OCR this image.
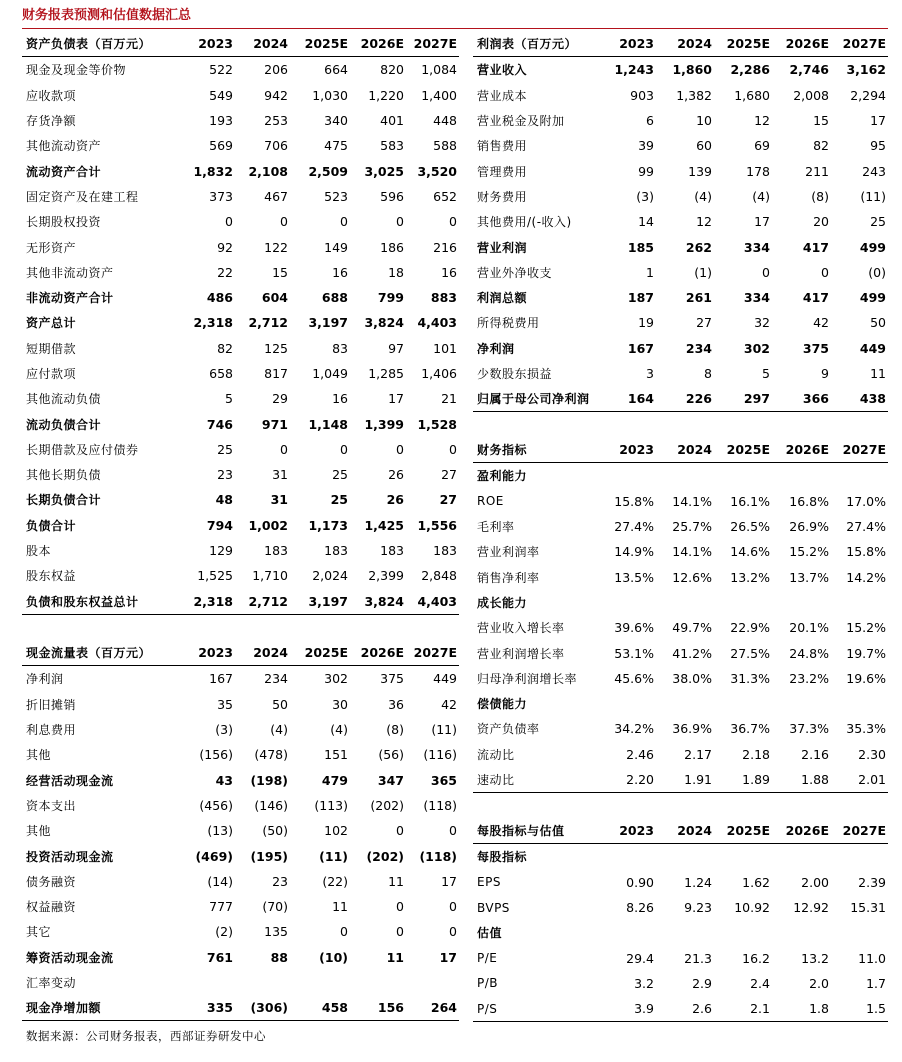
财务报表预测和估值数据汇总
资产负债表（百万元）	2023	2024	2025E	2026E	2027E
现金及现金等价物	522	206	664	820	1,084
应收款项	549	942	1,030	1,220	1,400
存货净额	193	253	340	401	448
其他流动资产	569	706	475	583	588
流动资产合计	1,832	2,108	2,509	3,025	3,520
固定资产及在建工程	373	467	523	596	652
长期股权投资	0	0	0	0	0
无形资产	92	122	149	186	216
其他非流动资产	22	15	16	18	16
非流动资产合计	486	604	688	799	883
资产总计	2,318	2,712	3,197	3,824	4,403
短期借款	82	125	83	97	101
应付款项	658	817	1,049	1,285	1,406
其他流动负债	5	29	16	17	21
流动负债合计	746	971	1,148	1,399	1,528
长期借款及应付债券	25	0	0	0	0
其他长期负债	23	31	25	26	27
长期负债合计	48	31	25	26	27
负债合计	794	1,002	1,173	1,425	1,556
股本	129	183	183	183	183
股东权益	1,525	1,710	2,024	2,399	2,848
负债和股东权益总计	2,318	2,712	3,197	3,824	4,403
现金流量表（百万元）	2023	2024	2025E	2026E	2027E
净利润	167	234	302	375	449
折旧摊销	35	50	30	36	42
利息费用	(3)	(4)	(4)	(8)	(11)
其他	(156)	(478)	151	(56)	(116)
经营活动现金流	43	(198)	479	347	365
资本支出	(456)	(146)	(113)	(202)	(118)
其他	(13)	(50)	102	0	0
投资活动现金流	(469)	(195)	(11)	(202)	(118)
债务融资	(14)	23	(22)	11	17
权益融资	777	(70)	11	0	0
其它	(2)	135	0	0	0
筹资活动现金流	761	88	(10)	11	17
汇率变动					
现金净增加额	335	(306)	458	156	264
利润表（百万元）	2023	2024	2025E	2026E	2027E
营业收入	1,243	1,860	2,286	2,746	3,162
营业成本	903	1,382	1,680	2,008	2,294
营业税金及附加	6	10	12	15	17
销售费用	39	60	69	82	95
管理费用	99	139	178	211	243
财务费用	(3)	(4)	(4)	(8)	(11)
其他费用/(-收入)	14	12	17	20	25
营业利润	185	262	334	417	499
营业外净收支	1	(1)	0	0	(0)
利润总额	187	261	334	417	499
所得税费用	19	27	32	42	50
净利润	167	234	302	375	449
少数股东损益	3	8	5	9	11
归属于母公司净利润	164	226	297	366	438
财务指标	2023	2024	2025E	2026E	2027E
盈利能力					
ROE	15.8%	14.1%	16.1%	16.8%	17.0%
毛利率	27.4%	25.7%	26.5%	26.9%	27.4%
营业利润率	14.9%	14.1%	14.6%	15.2%	15.8%
销售净利率	13.5%	12.6%	13.2%	13.7%	14.2%
成长能力					
营业收入增长率	39.6%	49.7%	22.9%	20.1%	15.2%
营业利润增长率	53.1%	41.2%	27.5%	24.8%	19.7%
归母净利润增长率	45.6%	38.0%	31.3%	23.2%	19.6%
偿债能力					
资产负债率	34.2%	36.9%	36.7%	37.3%	35.3%
流动比	2.46	2.17	2.18	2.16	2.30
速动比	2.20	1.91	1.89	1.88	2.01
每股指标与估值	2023	2024	2025E	2026E	2027E
每股指标					
EPS	0.90	1.24	1.62	2.00	2.39
BVPS	8.26	9.23	10.92	12.92	15.31
估值					
P/E	29.4	21.3	16.2	13.2	11.0
P/B	3.2	2.9	2.4	2.0	1.7
P/S	3.9	2.6	2.1	1.8	1.5
数据来源：公司财务报表，西部证券研发中心
